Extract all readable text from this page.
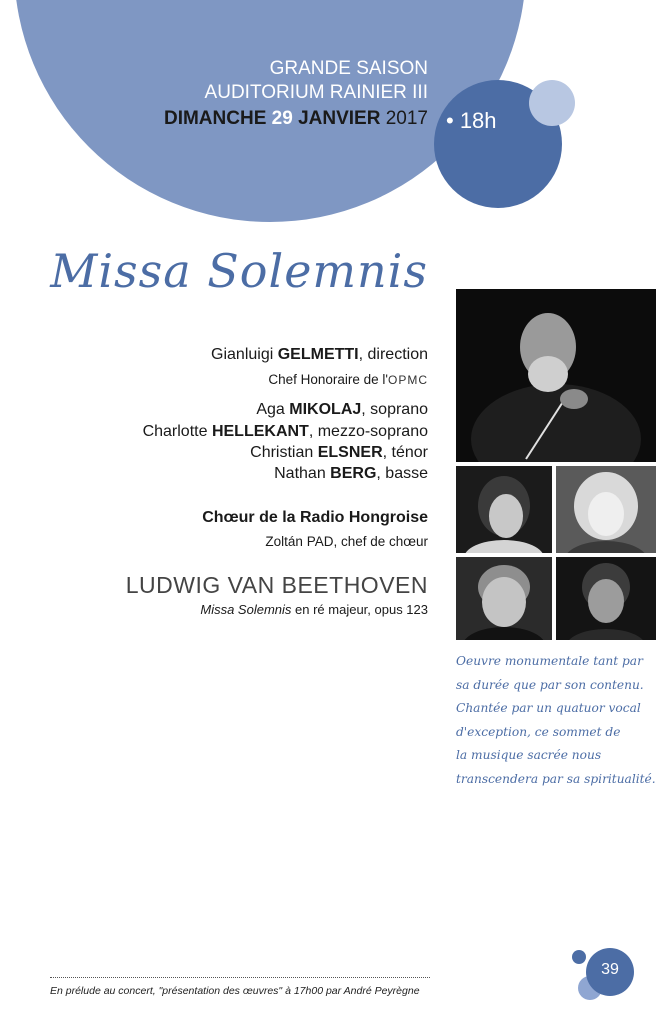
GRANDE SAISON
AUDITORIUM RAINIER III
DIMANCHE 29 JANVIER 2017 • 18h
Missa Solemnis
Gianluigi GELMETTI, direction
Chef Honoraire de l'OPMC
Aga MIKOLAJ, soprano
Charlotte HELLEKANT, mezzo-soprano
Christian ELSNER, ténor
Nathan BERG, basse
Chœur de la Radio Hongroise
Zoltán PAD, chef de chœur
LUDWIG VAN BEETHOVEN
Missa Solemnis en ré majeur, opus 123
Oeuvre monumentale tant par
sa durée que par son contenu.
Chantée par un quatuor vocal
d'exception, ce sommet de
la musique sacrée nous
transcendera par sa spiritualité.
En prélude au concert, "présentation des œuvres" à 17h00 par André Peyrègne
39
